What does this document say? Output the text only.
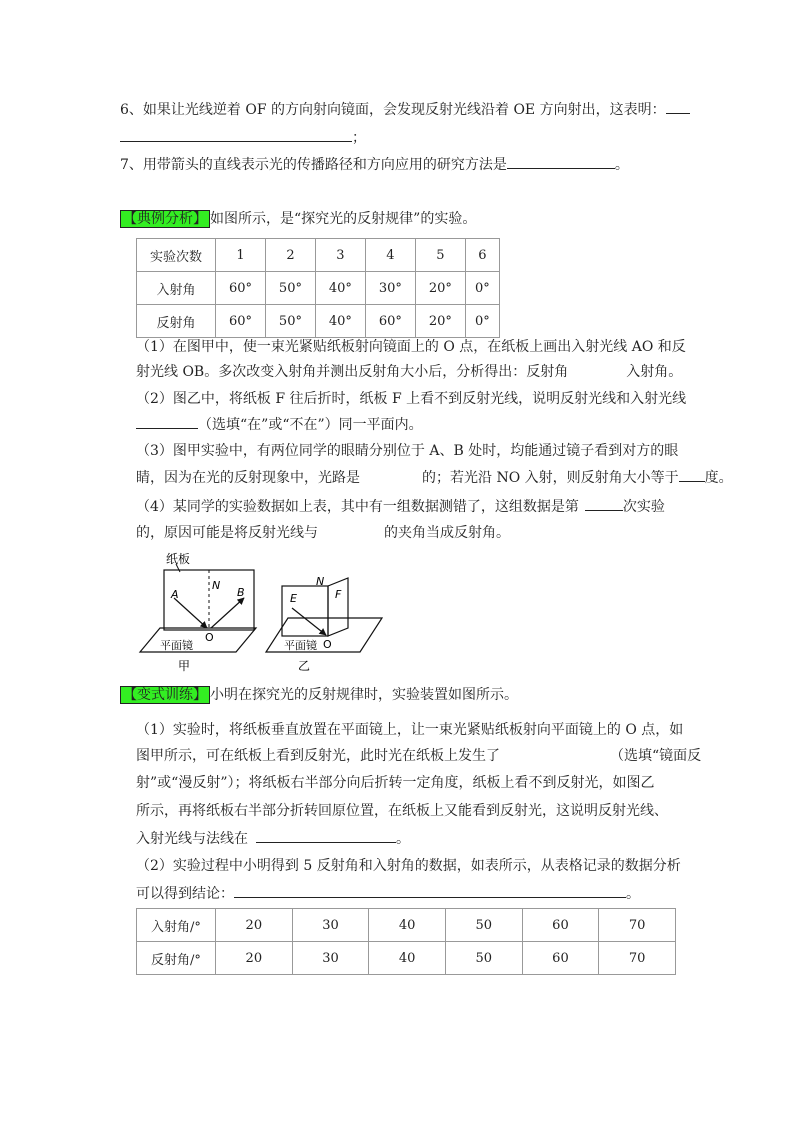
6、如果让光线逆着 OF 的方向射向镜面，会发现反射光线沿着 OE 方向射出，这表明：
；
7、用带箭头的直线表示光的传播路径和方向应用的研究方法是	。
【典例分析】 如图所示，是“探究光的反射规律”的实验。
实验次数	1	2	3	4	5	6
入射角	60°	50°	40°	30°	20°	0°
反射角	60°	50°	40°	60°	20°	0°
（1）在图甲中，使一束光紧贴纸板射向镜面上的 O 点，在纸板上画出入射光线 AO 和反
射光线 OB。多次改变入射角并测出反射角大小后，分析得出：反射角	入射角。
（2）图乙中，将纸板 F 往后折时，纸板 F 上看不到反射光线，说明反射光线和入射光线
（选填“在”或“不在”）同一平面内。
（3）图甲实验中，有两位同学的眼睛分别位于 A、B 处时，均能通过镜子看到对方的眼
睛，因为在光的反射现象中，光路是	的；若光沿 NO 入射，则反射角大小等于 度。
（4）某同学的实验数据如上表，其中有一组数据测错了，这组数据是第	次实验
的，原因可能是将反射光线与	的夹角当成反射角。
纸板
A
N
B
O
平面镜
甲
N
E	F
O
平面镜
乙
【变式训练】 小明在探究光的反射规律时，实验装置如图所示。
（1）实验时，将纸板垂直放置在平面镜上，让一束光紧贴纸板射向平面镜上的 O 点，如
图甲所示，可在纸板上看到反射光，此时光在纸板上发生了	（选填“镜面反
射”或“漫反射”）；将纸板右半部分向后折转一定角度，纸板上看不到反射光，如图乙
所示，再将纸板右半部分折转回原位置，在纸板上又能看到反射光，这说明反射光线、
入射光线与法线在	。
（2）实验过程中小明得到 5 反射角和入射角的数据，如表所示，从表格记录的数据分析
可以得到结论：	。
入射角/°	20	30	40	50	60	70
反射角/°	20	30	40	50	60	70
